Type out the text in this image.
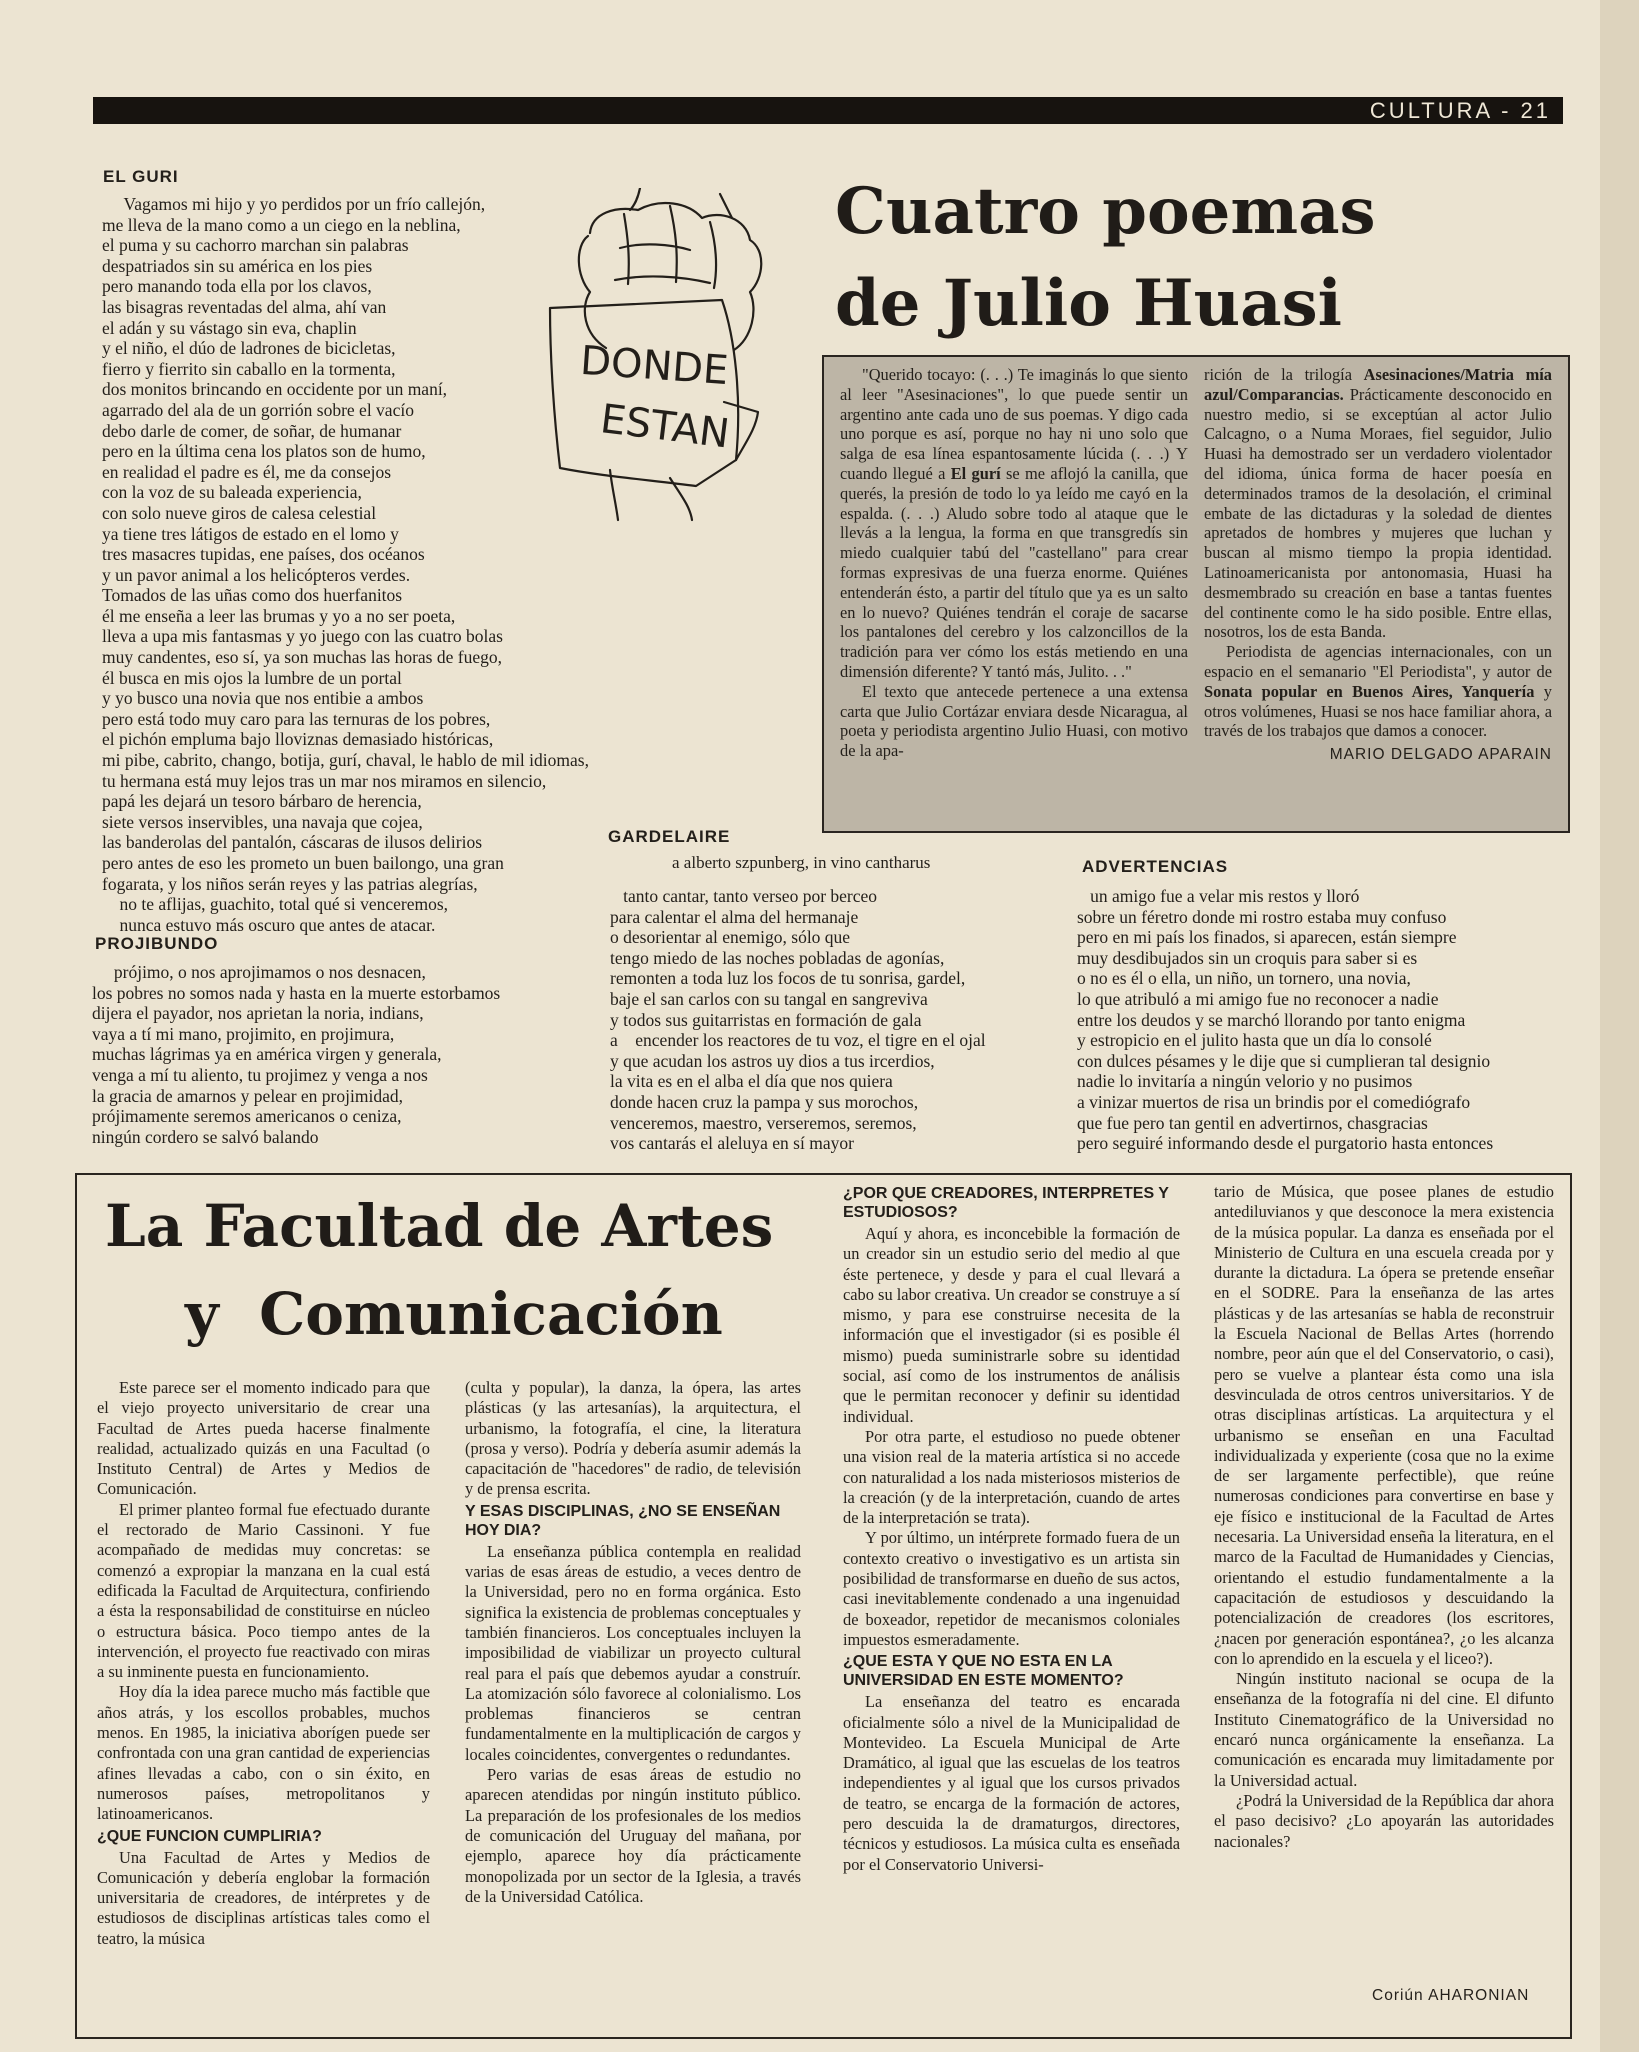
CULTURA - 21
EL GURI
Vagamos mi hijo y yo perdidos por un frío callejón,
me lleva de la mano como a un ciego en la neblina,
el puma y su cachorro marchan sin palabras
despatriados sin su américa en los pies
pero manando toda ella por los clavos,
las bisagras reventadas del alma, ahí van
el adán y su vástago sin eva, chaplin
y el niño, el dúo de ladrones de bicicletas,
fierro y fierrito sin caballo en la tormenta,
dos monitos brincando en occidente por un maní,
agarrado del ala de un gorrión sobre el vacío
debo darle de comer, de soñar, de humanar
pero en la última cena los platos son de humo,
en realidad el padre es él, me da consejos
con la voz de su baleada experiencia,
con solo nueve giros de calesa celestial
ya tiene tres látigos de estado en el lomo y
tres masacres tupidas, ene países, dos océanos
y un pavor animal a los helicópteros verdes.
Tomados de las uñas como dos huerfanitos
él me enseña a leer las brumas y yo a no ser poeta,
lleva a upa mis fantasmas y yo juego con las cuatro bolas
muy candentes, eso sí, ya son muchas las horas de fuego,
él busca en mis ojos la lumbre de un portal
y yo busco una novia que nos entibie a ambos
pero está todo muy caro para las ternuras de los pobres,
el pichón empluma bajo lloviznas demasiado históricas,
mi pibe, cabrito, chango, botija, gurí, chaval, le hablo de mil idiomas,
tu hermana está muy lejos tras un mar nos miramos en silencio,
papá les dejará un tesoro bárbaro de herencia,
siete versos inservibles, una navaja que cojea,
las banderolas del pantalón, cáscaras de ilusos delirios
pero antes de eso les prometo un buen bailongo, una gran
fogarata, y los niños serán reyes y las patrias alegrías,
no te aflijas, guachito, total qué si venceremos,
nunca estuvo más oscuro que antes de atacar.
DONDE
ESTAN
Cuatro poemas
de Julio Huasi

"Querido tocayo: (. . .) Te imaginás lo que siento al leer "Asesinaciones", lo que puede sentir un argentino ante cada uno de sus poemas. Y digo cada uno porque es así, porque no hay ni uno solo que salga de esa línea espantosamente lúcida (. . .) Y cuando llegué a El gurí se me aflojó la canilla, que querés, la presión de todo lo ya leído me cayó en la espalda. (. . .) Aludo sobre todo al ataque que le llevás a la lengua, la forma en que transgredís sin miedo cualquier tabú del "castellano" para crear formas expresivas de una fuerza enorme. Quiénes entenderán ésto, a partir del título que ya es un salto en lo nuevo? Quiénes tendrán el coraje de sacarse los pantalones del cerebro y los calzoncillos de la tradición para ver cómo los estás metiendo en una dimensión diferente? Y tantó más, Julito. . ."

El texto que antecede pertenece a una extensa carta que Julio Cortázar enviara desde Nicaragua, al poeta y periodista argentino Julio Huasi, con motivo de la apa-

rición de la trilogía Asesinaciones/Matria mía azul/Comparancias. Prácticamente desconocido en nuestro medio, si se exceptúan al actor Julio Calcagno, o a Numa Moraes, fiel seguidor, Julio Huasi ha demostrado ser un verdadero violentador del idioma, única forma de hacer poesía en determinados tramos de la desolación, el criminal embate de las dictaduras y la soledad de dientes apretados de hombres y mujeres que luchan y buscan al mismo tiempo la propia identidad. Latinoamericanista por antonomasia, Huasi ha desmembrado su creación en base a tantas fuentes del continente como le ha sido posible. Entre ellas, nosotros, los de esta Banda.

Periodista de agencias internacionales, con un espacio en el semanario "El Periodista", y autor de Sonata popular en Buenos Aires, Yanquería y otros volúmenes, Huasi se nos hace familiar ahora, a través de los trabajos que damos a conocer.

MARIO DELGADO APARAIN
PROJIBUNDO
prójimo, o nos aprojimamos o nos desnacen,
los pobres no somos nada y hasta en la muerte estorbamos
dijera el payador, nos aprietan la noria, indians,
vaya a tí mi mano, projimito, en projimura,
muchas lágrimas ya en américa virgen y generala,
venga a mí tu aliento, tu projimez y venga a nos
la gracia de amarnos y pelear en projimidad,
prójimamente seremos americanos o ceniza,
ningún cordero se salvó balando
GARDELAIRE
a alberto szpunberg, in vino cantharus
tanto cantar, tanto verseo por berceo
para calentar el alma del hermanaje
o desorientar al enemigo, sólo que
tengo miedo de las noches pobladas de agonías,
remonten a toda luz los focos de tu sonrisa, gardel,
baje el san carlos con su tangal en sangreviva
y todos sus guitarristas en formación de gala
a    encender los reactores de tu voz, el tigre en el ojal
y que acudan los astros uy dios a tus ircerdios,
la vita es en el alba el día que nos quiera
donde hacen cruz la pampa y sus morochos,
venceremos, maestro, verseremos, seremos,
vos cantarás el aleluya en sí mayor
ADVERTENCIAS
un amigo fue a velar mis restos y lloró
sobre un féretro donde mi rostro estaba muy confuso
pero en mi país los finados, si aparecen, están siempre
muy desdibujados sin un croquis para saber si es
o no es él o ella, un niño, un tornero, una novia,
lo que atribuló a mi amigo fue no reconocer a nadie
entre los deudos y se marchó llorando por tanto enigma
y estropicio en el julito hasta que un día lo consolé
con dulces pésames y le dije que si cumplieran tal designio
nadie lo invitaría a ningún velorio y no pusimos
a vinizar muertos de risa un brindis por el comediógrafo
que fue pero tan gentil en advertirnos, chasgracias
pero seguiré informando desde el purgatorio hasta entonces
La Facultad de Artes
y  Comunicación

Este parece ser el momento indicado para que el viejo proyecto universitario de crear una Facultad de Artes pueda hacerse finalmente realidad, actualizado quizás en una Facultad (o Instituto Central) de Artes y Medios de Comunicación.

El primer planteo formal fue efectuado durante el rectorado de Mario Cassinoni. Y fue acompañado de medidas muy concretas: se comenzó a expropiar la manzana en la cual está edificada la Facultad de Arquitectura, confiriendo a ésta la responsabilidad de constituirse en núcleo o estructura básica. Poco tiempo antes de la intervención, el proyecto fue reactivado con miras a su inminente puesta en funcionamiento.

Hoy día la idea parece mucho más factible que años atrás, y los escollos probables, muchos menos. En 1985, la iniciativa aborígen puede ser confrontada con una gran cantidad de experiencias afines llevadas a cabo, con o sin éxito, en numerosos países, metropolitanos y latinoamericanos.

¿QUE FUNCION CUMPLIRIA?

Una Facultad de Artes y Medios de Comunicación y debería englobar la formación universitaria de creadores, de intérpretes y de estudiosos de disciplinas artísticas tales como el teatro, la música

(culta y popular), la danza, la ópera, las artes plásticas (y las artesanías), la arquitectura, el urbanismo, la fotografía, el cine, la literatura (prosa y verso). Podría y debería asumir además la capacitación de "hacedores" de radio, de televisión y de prensa escrita.

Y ESAS DISCIPLINAS, ¿NO SE ENSEÑAN HOY DIA?

La enseñanza pública contempla en realidad varias de esas áreas de estudio, a veces dentro de la Universidad, pero no en forma orgánica. Esto significa la existencia de problemas conceptuales y también financieros. Los conceptuales incluyen la imposibilidad de viabilizar un proyecto cultural real para el país que debemos ayudar a construír. La atomización sólo favorece al colonialismo. Los problemas financieros se centran fundamentalmente en la multiplicación de cargos y locales coincidentes, convergentes o redundantes.

Pero varias de esas áreas de estudio no aparecen atendidas por ningún instituto público. La preparación de los profesionales de los medios de comunicación del Uruguay del mañana, por ejemplo, aparece hoy día prácticamente monopolizada por un sector de la Iglesia, a través de la Universidad Católica.

¿POR QUE CREADORES, INTERPRETES Y ESTUDIOSOS?

Aquí y ahora, es inconcebible la formación de un creador sin un estudio serio del medio al que éste pertenece, y desde y para el cual llevará a cabo su labor creativa. Un creador se construye a sí mismo, y para ese construirse necesita de la información que el investigador (si es posible él mismo) pueda suministrarle sobre su identidad social, así como de los instrumentos de análisis que le permitan reconocer y definir su identidad individual.

Por otra parte, el estudioso no puede obtener una vision real de la materia artística si no accede con naturalidad a los nada misteriosos misterios de la creación (y de la interpretación, cuando de artes de la interpretación se trata).

Y por último, un intérprete formado fuera de un contexto creativo o investigativo es un artista sin posibilidad de transformarse en dueño de sus actos, casi inevitablemente condenado a una ingenuidad de boxeador, repetidor de mecanismos coloniales impuestos esmeradamente.

¿QUE ESTA Y QUE NO ESTA EN LA UNIVERSIDAD EN ESTE MOMENTO?

La enseñanza del teatro es encarada oficialmente sólo a nivel de la Municipalidad de Montevideo. La Escuela Municipal de Arte Dramático, al igual que las escuelas de los teatros independientes y al igual que los cursos privados de teatro, se encarga de la formación de actores, pero descuida la de dramaturgos, directores, técnicos y estudiosos. La música culta es enseñada por el Conservatorio Universi-

tario de Música, que posee planes de estudio antediluvianos y que desconoce la mera existencia de la música popular. La danza es enseñada por el Ministerio de Cultura en una escuela creada por y durante la dictadura. La ópera se pretende enseñar en el SODRE. Para la enseñanza de las artes plásticas y de las artesanías se habla de reconstruir la Escuela Nacional de Bellas Artes (horrendo nombre, peor aún que el del Conservatorio, o casi), pero se vuelve a plantear ésta como una isla desvinculada de otros centros universitarios. Y de otras disciplinas artísticas. La arquitectura y el urbanismo se enseñan en una Facultad individualizada y experiente (cosa que no la exime de ser largamente perfectible), que reúne numerosas condiciones para convertirse en base y eje físico e institucional de la Facultad de Artes necesaria. La Universidad enseña la literatura, en el marco de la Facultad de Humanidades y Ciencias, orientando el estudio fundamentalmente a la capacitación de estudiosos y descuidando la potencialización de creadores (los escritores, ¿nacen por generación espontánea?, ¿o les alcanza con lo aprendido en la escuela y el liceo?).

Ningún instituto nacional se ocupa de la enseñanza de la fotografía ni del cine. El difunto Instituto Cinematográfico de la Universidad no encaró nunca orgánicamente la enseñanza. La comunicación es encarada muy limitadamente por la Universidad actual.

¿Podrá la Universidad de la República dar ahora el paso decisivo? ¿Lo apoyarán las autoridades nacionales?

Coriún AHARONIAN
